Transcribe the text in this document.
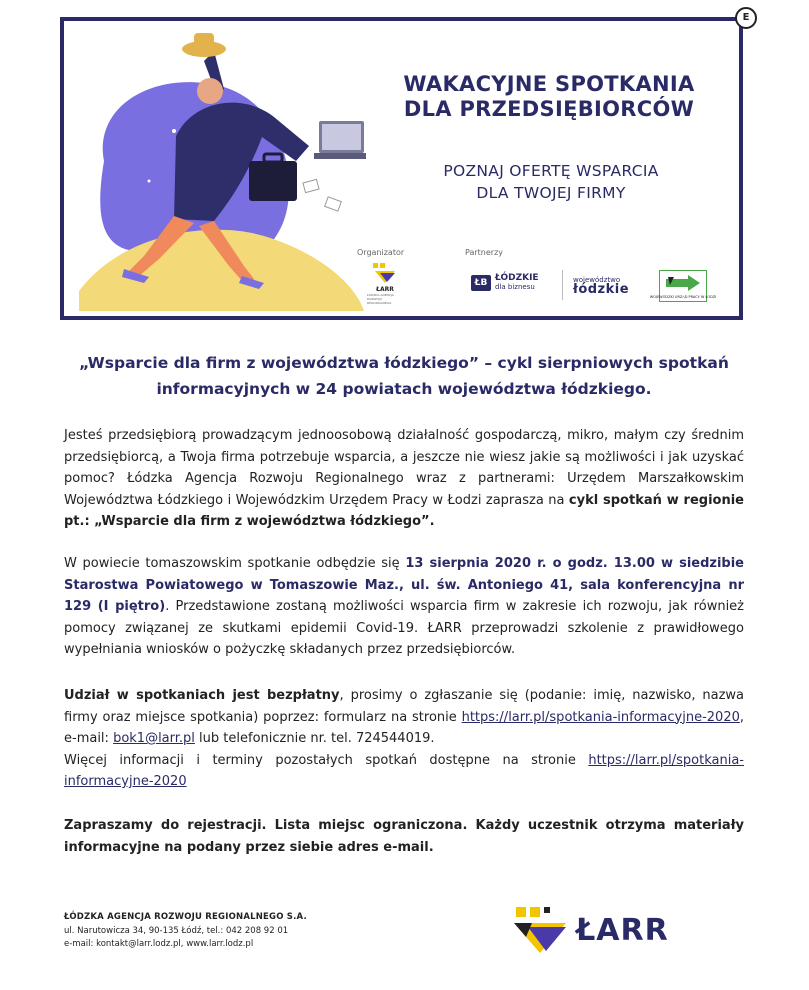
E
WAKACYJNE SPOTKANIA
DLA PRZEDSIĘBIORCÓW
POZNAJ OFERTĘ WSPARCIA
DLA TWOJEJ FIRMY
Organizator	Partnerzy
ŁARR
ŁÓDZKA AGENCJA ROZWOJU REGIONALNEGO
ŁB ŁÓDZKIE
dla biznesu
województwo
łódzkie	WOJEWÓDZKI URZĄD PRACY W ŁODZI
„Wsparcie dla firm z województwa łódzkiego” – cykl sierpniowych spotkań
informacyjnych w 24 powiatach województwa łódzkiego.
Jesteś przedsiębiorą prowadzącym jednoosobową działalność gospodarczą, mikro, małym czy średnim przedsiębiorcą, a Twoja firma potrzebuje wsparcia, a jeszcze nie wiesz jakie są możliwości i jak uzyskać pomoc? Łódzka Agencja Rozwoju Regionalnego wraz z partnerami: Urzędem Marszałkowskim Województwa Łódzkiego i Wojewódzkim Urzędem Pracy w Łodzi zaprasza na cykl spotkań w regionie pt.: „Wsparcie dla firm z województwa łódzkiego”.
W powiecie tomaszowskim spotkanie odbędzie się 13 sierpnia 2020 r. o godz. 13.00 w siedzibie Starostwa Powiatowego w Tomaszowie Maz., ul. św. Antoniego 41, sala konferencyjna nr 129 (I piętro). Przedstawione zostaną możliwości wsparcia firm w zakresie ich rozwoju, jak również pomocy związanej ze skutkami epidemii Covid-19. ŁARR przeprowadzi szkolenie z prawidłowego wypełniania wniosków o pożyczkę składanych przez przedsiębiorców.
Udział w spotkaniach jest bezpłatny, prosimy o zgłaszanie się (podanie: imię, nazwisko, nazwa firmy oraz miejsce spotkania) poprzez: formularz na stronie https://larr.pl/spotkania-informacyjne-2020, e-mail: bok1@larr.pl lub telefonicznie nr. tel. 724544019.
Więcej informacji i terminy pozostałych spotkań dostępne na stronie https://larr.pl/spotkania-informacyjne-2020
Zapraszamy do rejestracji. Lista miejsc ograniczona. Każdy uczestnik otrzyma materiały informacyjne na podany przez siebie adres e-mail.
ŁÓDZKA AGENCJA ROZWOJU REGIONALNEGO S.A.
ul. Narutowicza 34, 90-135 Łódź, tel.: 042 208 92 01
e-mail: kontakt@larr.lodz.pl, www.larr.lodz.pl	ŁARR
